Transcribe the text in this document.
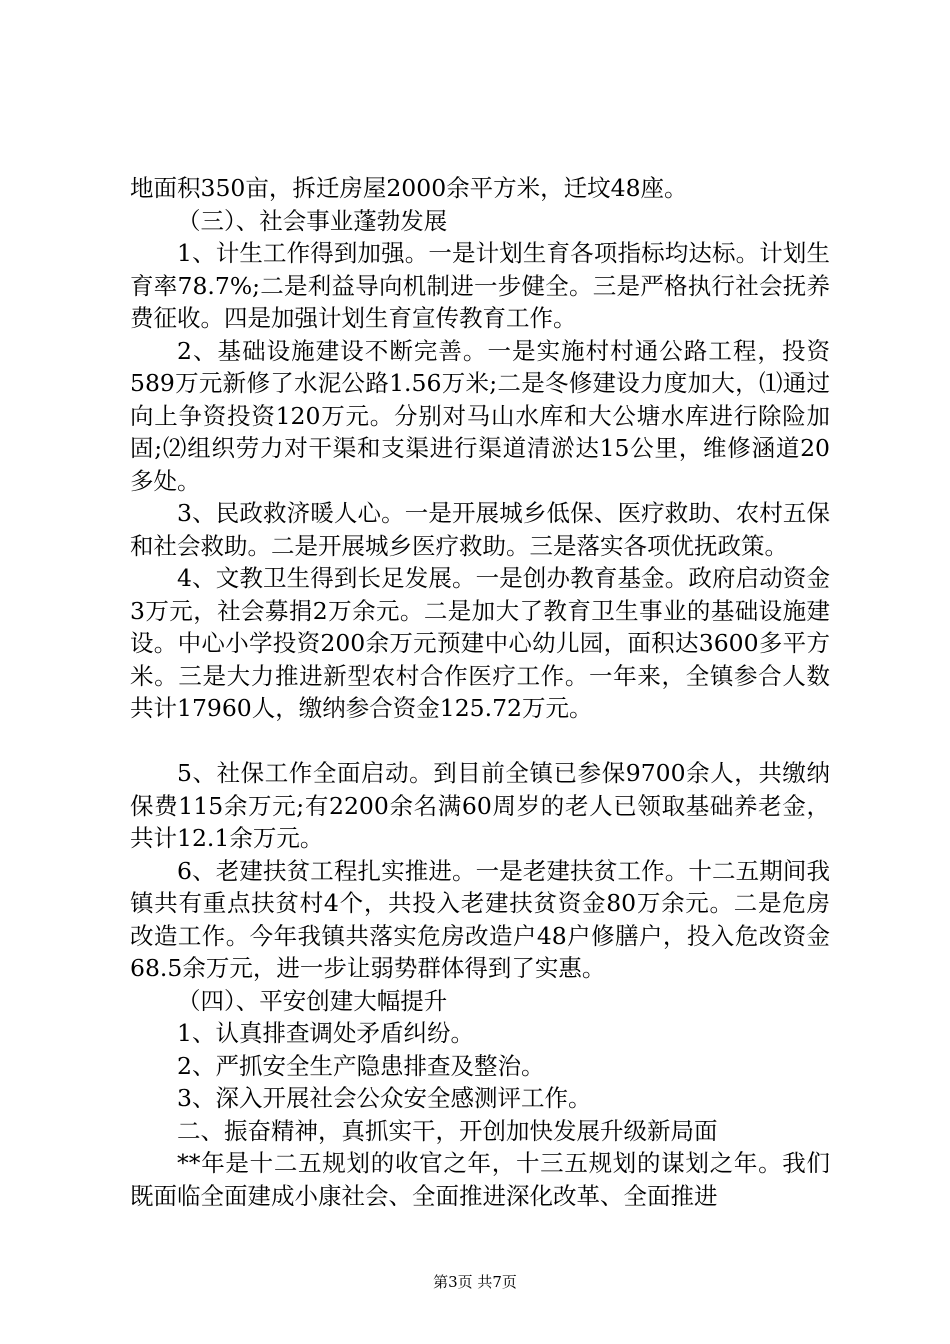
地面积350亩，拆迁房屋2000余平方米，迁坟48座。

（三）、社会事业蓬勃发展

1、计生工作得到加强。一是计划生育各项指标均达标。计划生育率78.7%;二是利益导向机制进一步健全。三是严格执行社会抚养费征收。四是加强计划生育宣传教育工作。

2、基础设施建设不断完善。一是实施村村通公路工程，投资589万元新修了水泥公路1.56万米;二是冬修建设力度加大，⑴通过向上争资投资120万元。分别对马山水库和大公塘水库进行除险加固;⑵组织劳力对干渠和支渠进行渠道清淤达15公里，维修涵道20多处。

3、民政救济暖人心。一是开展城乡低保、医疗救助、农村五保和社会救助。二是开展城乡医疗救助。三是落实各项优抚政策。

4、文教卫生得到长足发展。一是创办教育基金。政府启动资金3万元，社会募捐2万余元。二是加大了教育卫生事业的基础设施建设。中心小学投资200余万元预建中心幼儿园，面积达3600多平方米。三是大力推进新型农村合作医疗工作。一年来，全镇参合人数共计17960人，缴纳参合资金125.72万元。

5、社保工作全面启动。到目前全镇已参保9700余人，共缴纳保费115余万元;有2200余名满60周岁的老人已领取基础养老金，共计12.1余万元。

6、老建扶贫工程扎实推进。一是老建扶贫工作。十二五期间我镇共有重点扶贫村4个，共投入老建扶贫资金80万余元。二是危房改造工作。今年我镇共落实危房改造户48户修膳户，投入危改资金68.5余万元，进一步让弱势群体得到了实惠。

（四）、平安创建大幅提升

1、认真排查调处矛盾纠纷。

2、严抓安全生产隐患排查及整治。

3、深入开展社会公众安全感测评工作。

二、振奋精神，真抓实干，开创加快发展升级新局面

**年是十二五规划的收官之年，十三五规划的谋划之年。我们既面临全面建成小康社会、全面推进深化改革、全面推进

第3页 共7页
